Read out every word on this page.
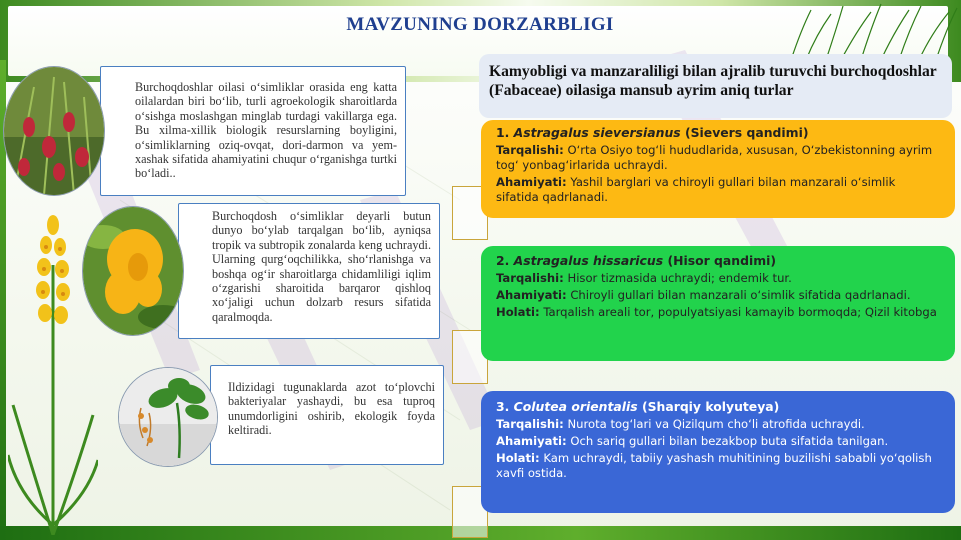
MAVZUNING DORZARBLIGI
Burchoqdoshlar oilasi o‘simliklar orasida eng katta oilalardan biri bo‘lib, turli agroekologik sharoitlarda o‘sishga moslashgan minglab turdagi vakillarga ega. Bu xilma-xillik biologik resurslarning boyligini, o‘simliklarning oziq-ovqat, dori-darmon va yem-xashak sifatida ahamiyatini chuqur o‘rganishga turtki bo‘ladi..
Burchoqdosh o‘simliklar deyarli butun dunyo bo‘ylab tarqalgan bo‘lib, ayniqsa tropik va subtropik zonalarda keng uchraydi. Ularning qurg‘oqchilikka, sho‘rlanishga va boshqa og‘ir sharoitlarga chidamliligi iqlim o‘zgarishi sharoitida barqaror qishloq xo‘jaligi uchun dolzarb resurs sifatida qaralmoqda.
Ildizidagi tugunaklarda azot to‘plovchi bakteriyalar yashaydi, bu esa tuproq unumdorligini oshirib, ekologik foyda keltiradi.
Kamyobligi va manzaraliligi bilan ajralib turuvchi burchoqdoshlar (Fabaceae) oilasiga mansub ayrim aniq turlar

1. Astragalus sieversianus (Sievers qandimi)

Tarqalishi: O‘rta Osiyo tog‘li hududlarida, xususan, O‘zbekistonning ayrim tog‘ yonbag‘irlarida uchraydi.

Ahamiyati: Yashil barglari va chiroyli gullari bilan manzarali o‘simlik sifatida qadrlanadi.

2. Astragalus hissaricus (Hisor qandimi)

Tarqalishi: Hisor tizmasida uchraydi; endemik tur.

Ahamiyati: Chiroyli gullari bilan manzarali o‘simlik sifatida qadrlanadi.

Holati: Tarqalish areali tor, populyatsiyasi kamayib bormoqda; Qizil kitobga

3. Colutea orientalis (Sharqiy kolyuteya)

Tarqalishi: Nurota tog‘lari va Qizilqum cho‘li atrofida uchraydi.

Ahamiyati: Och sariq gullari bilan bezakbop buta sifatida tanilgan.

Holati: Kam uchraydi, tabiiy yashash muhitining buzilishi sababli yo‘qolish xavfi ostida.
